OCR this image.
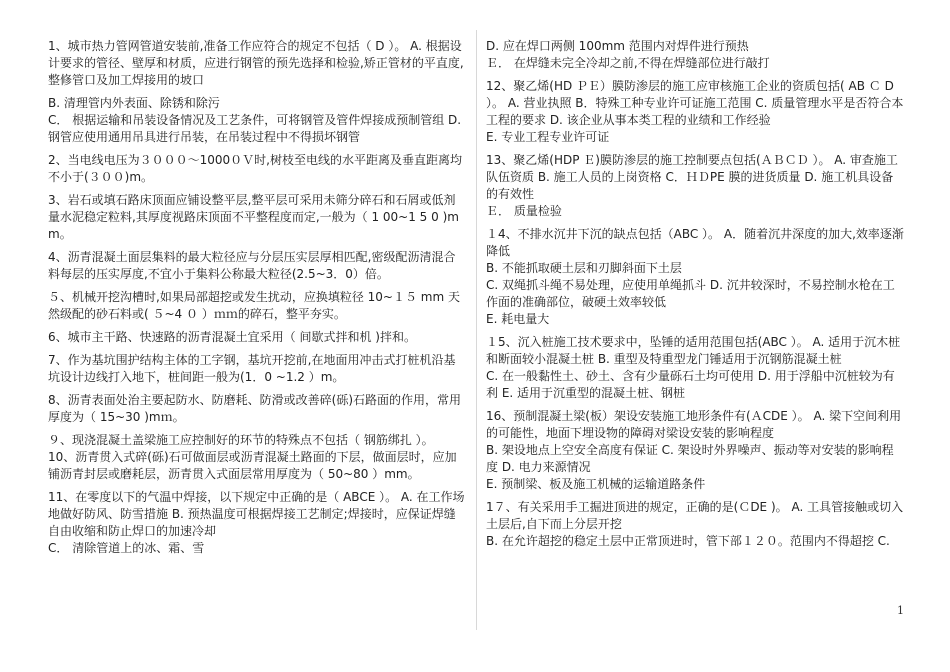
1、城市热力管网管道安装前,准备工作应符合的规定不包括（ D ）。 A. 根据设计要求的管径、壁厚和材质，应进行钢管的预先选择和检验,矫正管材的平直度,整修管口及加工焊接用的坡口

B. 清理管内外表面、除锈和除污

C． 根据运输和吊装设备情况及工艺条件，可将钢管及管件焊接成预制管组 D. 钢管应使用通用吊具进行吊装，在吊装过程中不得损坏钢管

2、当电线电压为３０００～1000０Ｖ时,树枝至电线的水平距离及垂直距离均不小于(３００)m。

3、岩石或填石路床顶面应铺设整平层,整平层可采用未筛分碎石和石屑或低剂量水泥稳定粒料,其厚度视路床顶面不平整程度而定,一般为（ 1 00~1 5 0 )mm。

4、沥青混凝土面层集料的最大粒径应与分层压实层厚相匹配,密级配沥清混合料每层的压实厚度,不宜小于集料公称最大粒径(2.5~3．0）倍。

５、机械开挖沟槽时,如果局部超挖或发生扰动，应换填粒径 10~１５ mm 天然级配的砂石料或( ５~4 ０ ）ｍｍ的碎石，整平夯实。

6、城市主干路、快速路的沥青混凝土宜采用（ 间歇式拌和机 )拌和。

7、作为基坑围护结构主体的工字钢，基坑开挖前,在地面用冲击式打桩机沿基坑设计边线打入地下，桩间距一般为(1．0 ~1.2 ）m。

8、沥青表面处治主要起防水、防磨耗、防滑或改善碎(砾)石路面的作用，常用厚度为（ 15~30 )mｍ。

９、现浇混凝土盖梁施工应控制好的环节的特殊点不包括（ 钢筋绑扎 ）。

10、沥青贯入式碎(砾)石可做面层或沥青混凝土路面的下层，做面层时，应加铺沥青封层或磨耗层，沥青贯入式面层常用厚度为（ 50~80 ）mm。

11、在零度以下的气温中焊接，以下规定中正确的是（ ABCE ）。 A. 在工作场地做好防风、防雪措施 B. 预热温度可根据焊接工艺制定;焊接时，应保证焊缝自由收缩和防止焊口的加速冷却

C． 清除管道上的冰、霜、雪

D. 应在焊口两侧 100mm 范围内对焊件进行预热

Ｅ． 在焊缝未完全冷却之前,不得在焊缝部位进行敲打

12、聚乙烯(HD ＰＥ）膜防渗层的施工应审核施工企业的资质包括( AB Ｃ D ）。 A. 营业执照 B．特殊工种专业许可证施工范围 C. 质量管理水平是否符合本工程的要求 D. 该企业从事本类工程的业绩和工作经验

E. 专业工程专业许可证

13、聚乙烯(HDP Ｅ)膜防渗层的施工控制要点包括(ＡＢＣＤ ）。 A. 审查施工队伍资质 B. 施工人员的上岗资格 C．ＨＤPE 膜的进货质量 D. 施工机具设备的有效性

Ｅ． 质量检验

１4、不排水沉井下沉的缺点包括（ABC ）。 A．随着沉井深度的加大,效率逐渐降低

B. 不能抓取硬土层和刃脚斜面下土层

C. 双绳抓斗绳不易处理，应使用单绳抓斗 D. 沉井较深时，不易控制水枪在工作面的准确部位，破硬土效率较低

E. 耗电量大

１5、沉入桩施工技术要求中，坠锤的适用范围包括(ABC ）。 A. 适用于沉木桩和断面较小混凝土桩 B. 重型及特重型龙门锤适用于沉钢筋混凝土桩

C. 在一般黏性土、砂土、含有少量砾石土均可使用 D. 用于浮船中沉桩较为有利 E. 适用于沉重型的混凝土桩、钢桩

16、预制混凝土梁(板）架设安装施工地形条件有(ＡCDE ）。 A. 梁下空间利用的可能性，地面下埋设物的障碍对梁设安装的影响程度

B. 架设地点上空安全高度有保证 C. 架设时外界噪声、振动等对安装的影响程度 D. 电力来源情况

E. 预制梁、板及施工机械的运输道路条件

1７、有关采用手工掘进顶进的规定，正确的是(ＣDE )。 A. 工具管接触或切入土层后,自下而上分层开挖

B. 在允许超挖的稳定土层中正常顶进时，管下部１２０。范围内不得超挖 C.

1
